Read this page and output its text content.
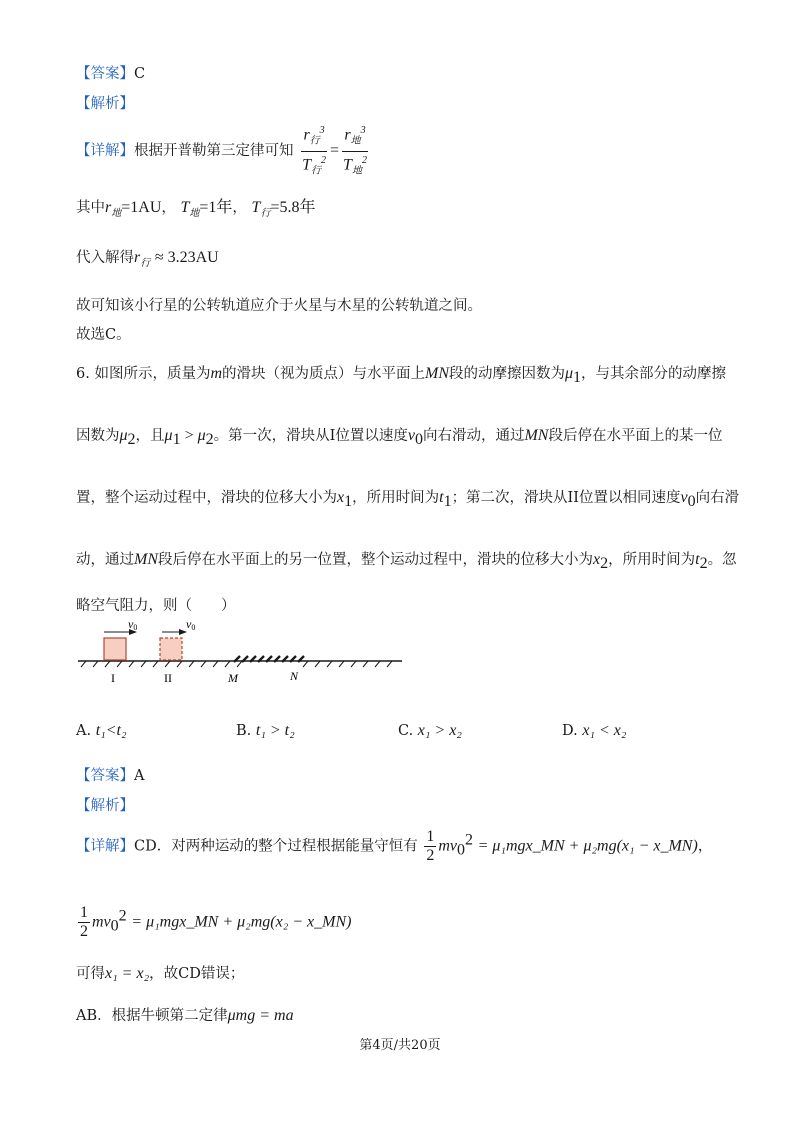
【答案】C
【解析】
【详解】根据开普勒第三定律可知 $\frac{r_行^3}{T_行^2} = \frac{r_地^3}{T_地^2}$
其中$r_地=1AU$， $T_地=1$年， $T_行=5.8$年
代入解得$r_行 \approx 3.23AU$
故可知该小行星的公转轨道应介于火星与木星的公转轨道之间。
故选C。
6. 如图所示，质量为m的滑块（视为质点）与水平面上MN段的动摩擦因数为$\mu_1$，与其余部分的动摩擦
因数为$\mu_2$，且$\mu_1 > \mu_2$。第一次，滑块从I位置以速度$v_0$向右滑动，通过MN段后停在水平面上的某一位
置，整个运动过程中，滑块的位移大小为$x_1$，所用时间为$t_1$；第二次，滑块从II位置以相同速度$v_0$向右滑
动，通过MN段后停在水平面上的另一位置，整个运动过程中，滑块的位移大小为$x_2$，所用时间为$t_2$。忽
略空气阻力，则（　　）
v0	v0
I	II	M	N
A. t₁<t₂	B. t₁ > t₂	C. x₁ > x₂	D. x₁ < x₂
【答案】A
【解析】
【详解】CD．对两种运动的整个过程根据能量守恒有 $\frac{1}{2} mv_0^2$ = μ₁mgx_MN + μ₂mg(x₁ − x_MN)，
$\frac{1}{2} mv_0^2$ = μ₁mgx_MN + μ₂mg(x₂ − x_MN)
可得x₁ = x₂，故CD错误；
AB．根据牛顿第二定律μmg = ma
第4页/共20页
